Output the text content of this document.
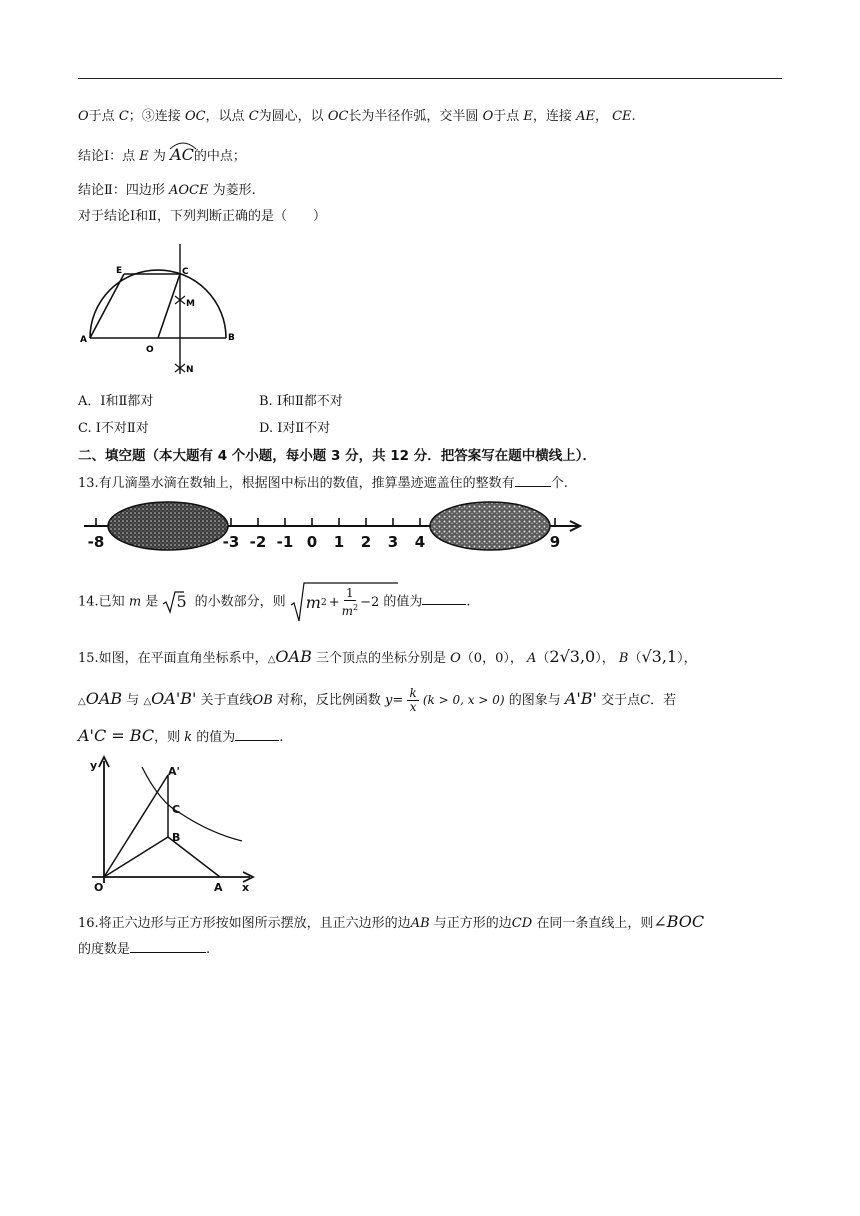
O于点 C；③连接 OC，以点 C为圆心，以 OC长为半径作弧，交半圆 O于点 E，连接 AE， CE.
结论Ⅰ：点 E 为 AC的中点；
结论Ⅱ：四边形 AOCE 为菱形.
对于结论Ⅰ和Ⅱ，下列判断正确的是（　　）
E	C
M
A
O
B
N
A．Ⅰ和Ⅱ都对	B. Ⅰ和Ⅱ都不对
C. Ⅰ不对Ⅱ对	D. Ⅰ对Ⅱ不对
二、填空题（本大题有 4 个小题，每小题 3 分，共 12 分．把答案写在题中横线上）．
13.有几滴墨水滴在数轴上，根据图中标出的数值，推算墨迹遮盖住的整数有	个.
-8	-3 -2 -1 0 1 2 3 4	9
14.已知 m 是 5 的小数部分，则 m $2 + \frac{1}{m^2} -2$ 的值为	.
15.如图，在平面直角坐标系中，△OAB 三个顶点的坐标分别是 O（0，0）， A（2√3,0）， B（√3,1），
△OAB 与 △OA'B' 关于直线OB 对称，反比例函数 $y= \frac{k}{x} (k > 0$, x > 0) 的图象与 A'B' 交于点C．若
A'C = BC，则 k 的值为	.
y	A'
C
B
O	A x
16.将正六边形与正方形按如图所示摆放，且正六边形的边AB 与正方形的边CD 在同一条直线上，则∠BOC
的度数是	.
